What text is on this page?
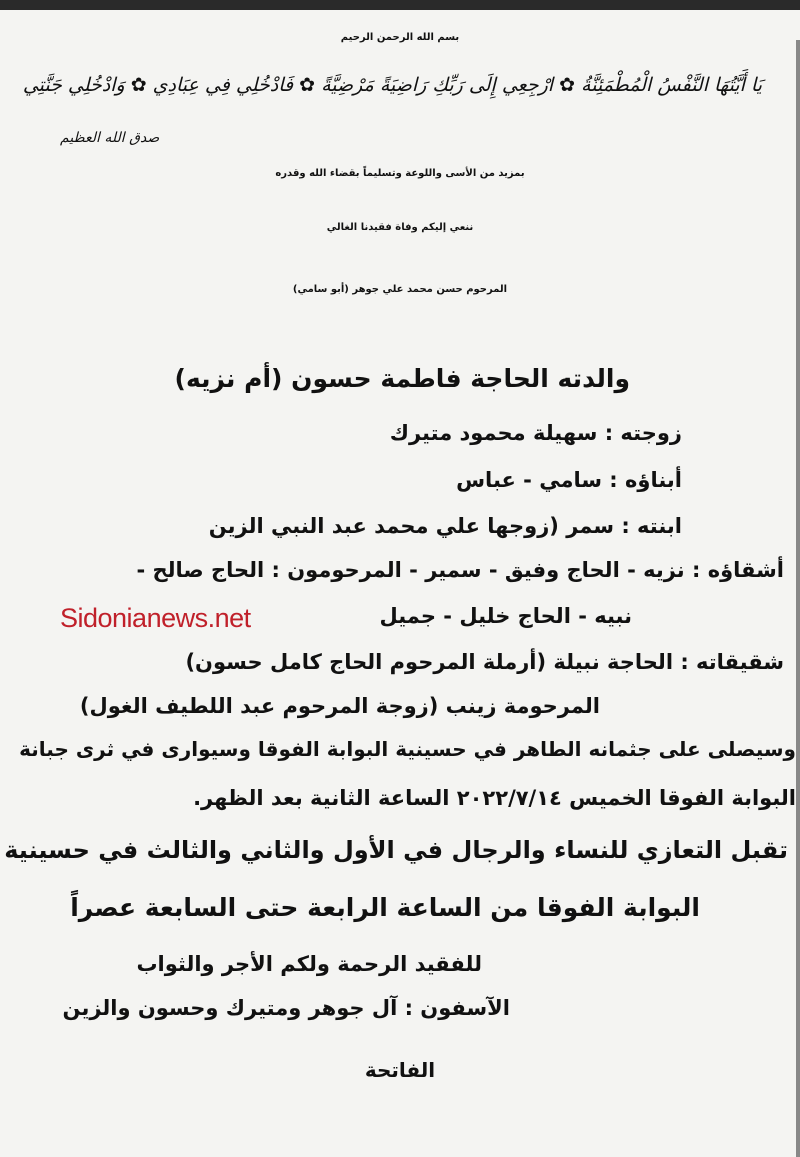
بسم الله الرحمن الرحيم
يَا أَيَّتُهَا النَّفْسُ الْمُطْمَئِنَّةُ ✿ ارْجِعِي إِلَى رَبِّكِ رَاضِيَةً مَرْضِيَّةً ✿ فَادْخُلِي فِي عِبَادِي ✿ وَادْخُلِي جَنَّتِي
صدق الله العظيم
بمزيد من الأسى واللوعة وتسليماً بقضاء الله وقدره
ننعي إليكم وفاة فقيدنا الغالي
المرحوم حسن محمد علي جوهر (أبو سامي)
والدته الحاجة فاطمة حسون (أم نزيه)
زوجته : سهيلة محمود متيرك
أبناؤه : سامي - عباس
ابنته : سمر (زوجها علي محمد عبد النبي الزين
أشقاؤه : نزيه - الحاج وفيق - سمير - المرحومون : الحاج صالح -
نبيه - الحاج خليل - جميل
شقيقاته : الحاجة نبيلة (أرملة المرحوم الحاج كامل حسون)
المرحومة زينب (زوجة المرحوم عبد اللطيف الغول)
وسيصلى على جثمانه الطاهر في حسينية البوابة الفوقا وسيوارى في ثرى جبانة
البوابة الفوقا الخميس ٢٠٢٢/٧/١٤ الساعة الثانية بعد الظهر.
تقبل التعازي للنساء والرجال في الأول والثاني والثالث في حسينية
البوابة الفوقا من الساعة الرابعة حتى السابعة عصراً
للفقيد الرحمة ولكم الأجر والثواب
الآسفون : آل جوهر ومتيرك وحسون والزين
الفاتحة
Sidonianews.net
